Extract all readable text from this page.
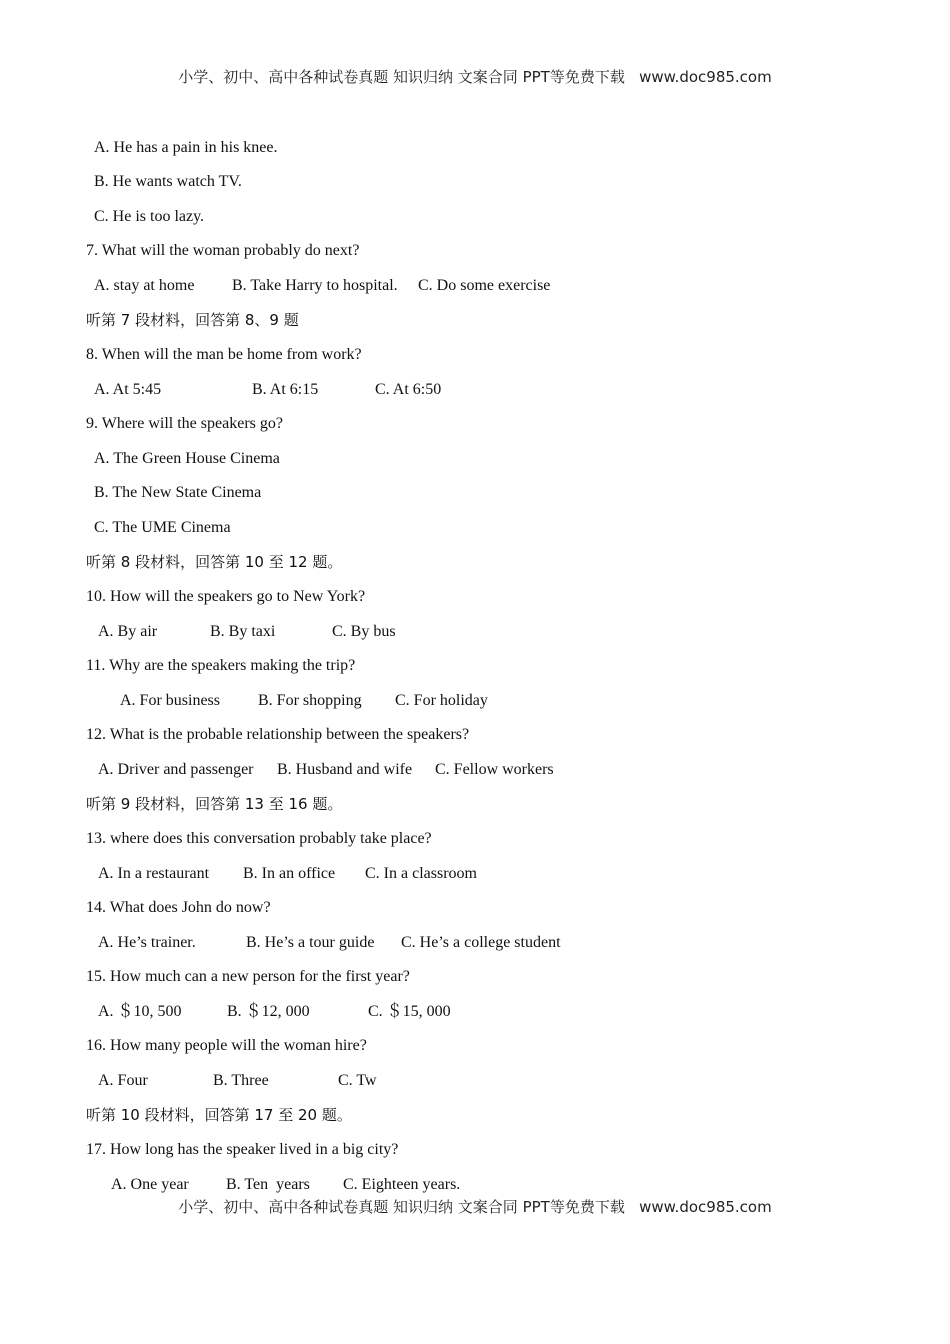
小学、初中、高中各种试卷真题 知识归纳 文案合同 PPT等免费下载   www.doc985.com
A. He has a pain in his knee.
B. He wants watch TV.
C. He is too lazy.
7. What will the woman probably do next?
A. stay at home B. Take Harry to hospital. C. Do some exercise
听第 7 段材料，回答第 8、9 题
8. When will the man be home from work?
A. At 5:45	B. At 6:15	C. At 6:50
9. Where will the speakers go?
A. The Green House Cinema
B. The New State Cinema
C. The UME Cinema
听第 8 段材料，回答第 10 至 12 题。
10. How will the speakers go to New York?
A. By air	B. By taxi	C. By bus
11. Why are the speakers making the trip?
A. For business B. For shopping C. For holiday
12. What is the probable relationship between the speakers?
A. Driver and passenger B. Husband and wife C. Fellow workers
听第 9 段材料，回答第 13 至 16 题。
13. where does this conversation probably take place?
A. In a restaurant B. In an office C. In a classroom
14. What does John do now?
A. He’s trainer.	B. He’s a tour guide C. He’s a college student
15. How much can a new person for the first year?
A. ＄10, 500	B. ＄12, 000	C. ＄15, 000
16. How many people will the woman hire?
A. Four	B. Three	C. Tw
听第 10 段材料，回答第 17 至 20 题。
17. How long has the speaker lived in a big city?
A. One year B. Ten  years C. Eighteen years.
小学、初中、高中各种试卷真题 知识归纳 文案合同 PPT等免费下载   www.doc985.com
